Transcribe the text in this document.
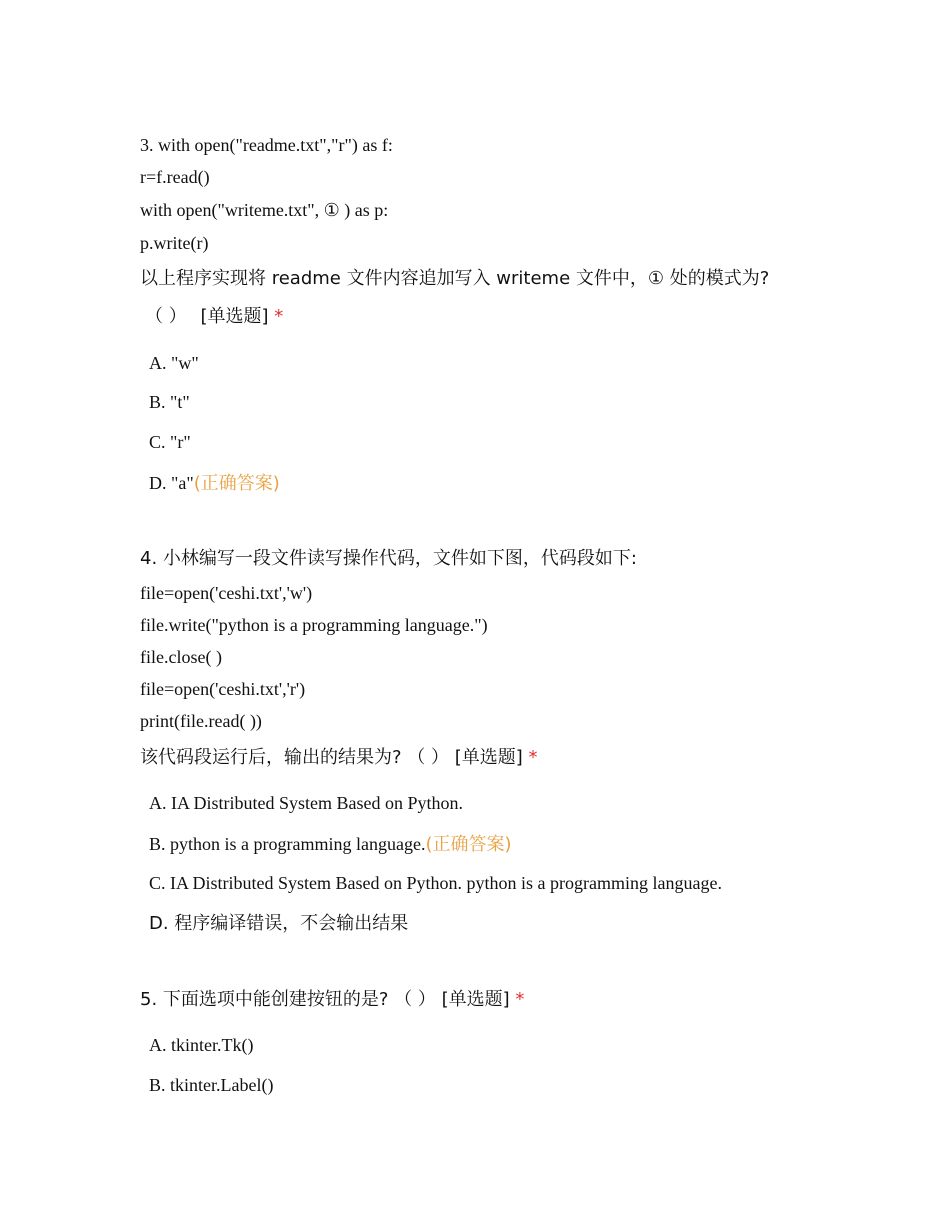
3. with open("readme.txt","r") as f:
r=f.read()
with open("writeme.txt", ① ) as p:
p.write(r)
以上程序实现将 readme 文件内容追加写入 writeme 文件中，① 处的模式为?
（ ） [单选题] *
A. "w"
B. "t"
C. "r"
D. "a"(正确答案)
4. 小林编写一段文件读写操作代码，文件如下图，代码段如下:
file=open('ceshi.txt','w')
file.write("python is a programming language.")
file.close( )
file=open('ceshi.txt','r')
print(file.read( ))
该代码段运行后，输出的结果为? （ ） [单选题] *
A. IA Distributed System Based on Python.
B. python is a programming language.(正确答案)
C. IA Distributed System Based on Python. python is a programming language.
D. 程序编译错误，不会输出结果
5. 下面选项中能创建按钮的是? （ ） [单选题] *
A. tkinter.Tk()
B. tkinter.Label()
